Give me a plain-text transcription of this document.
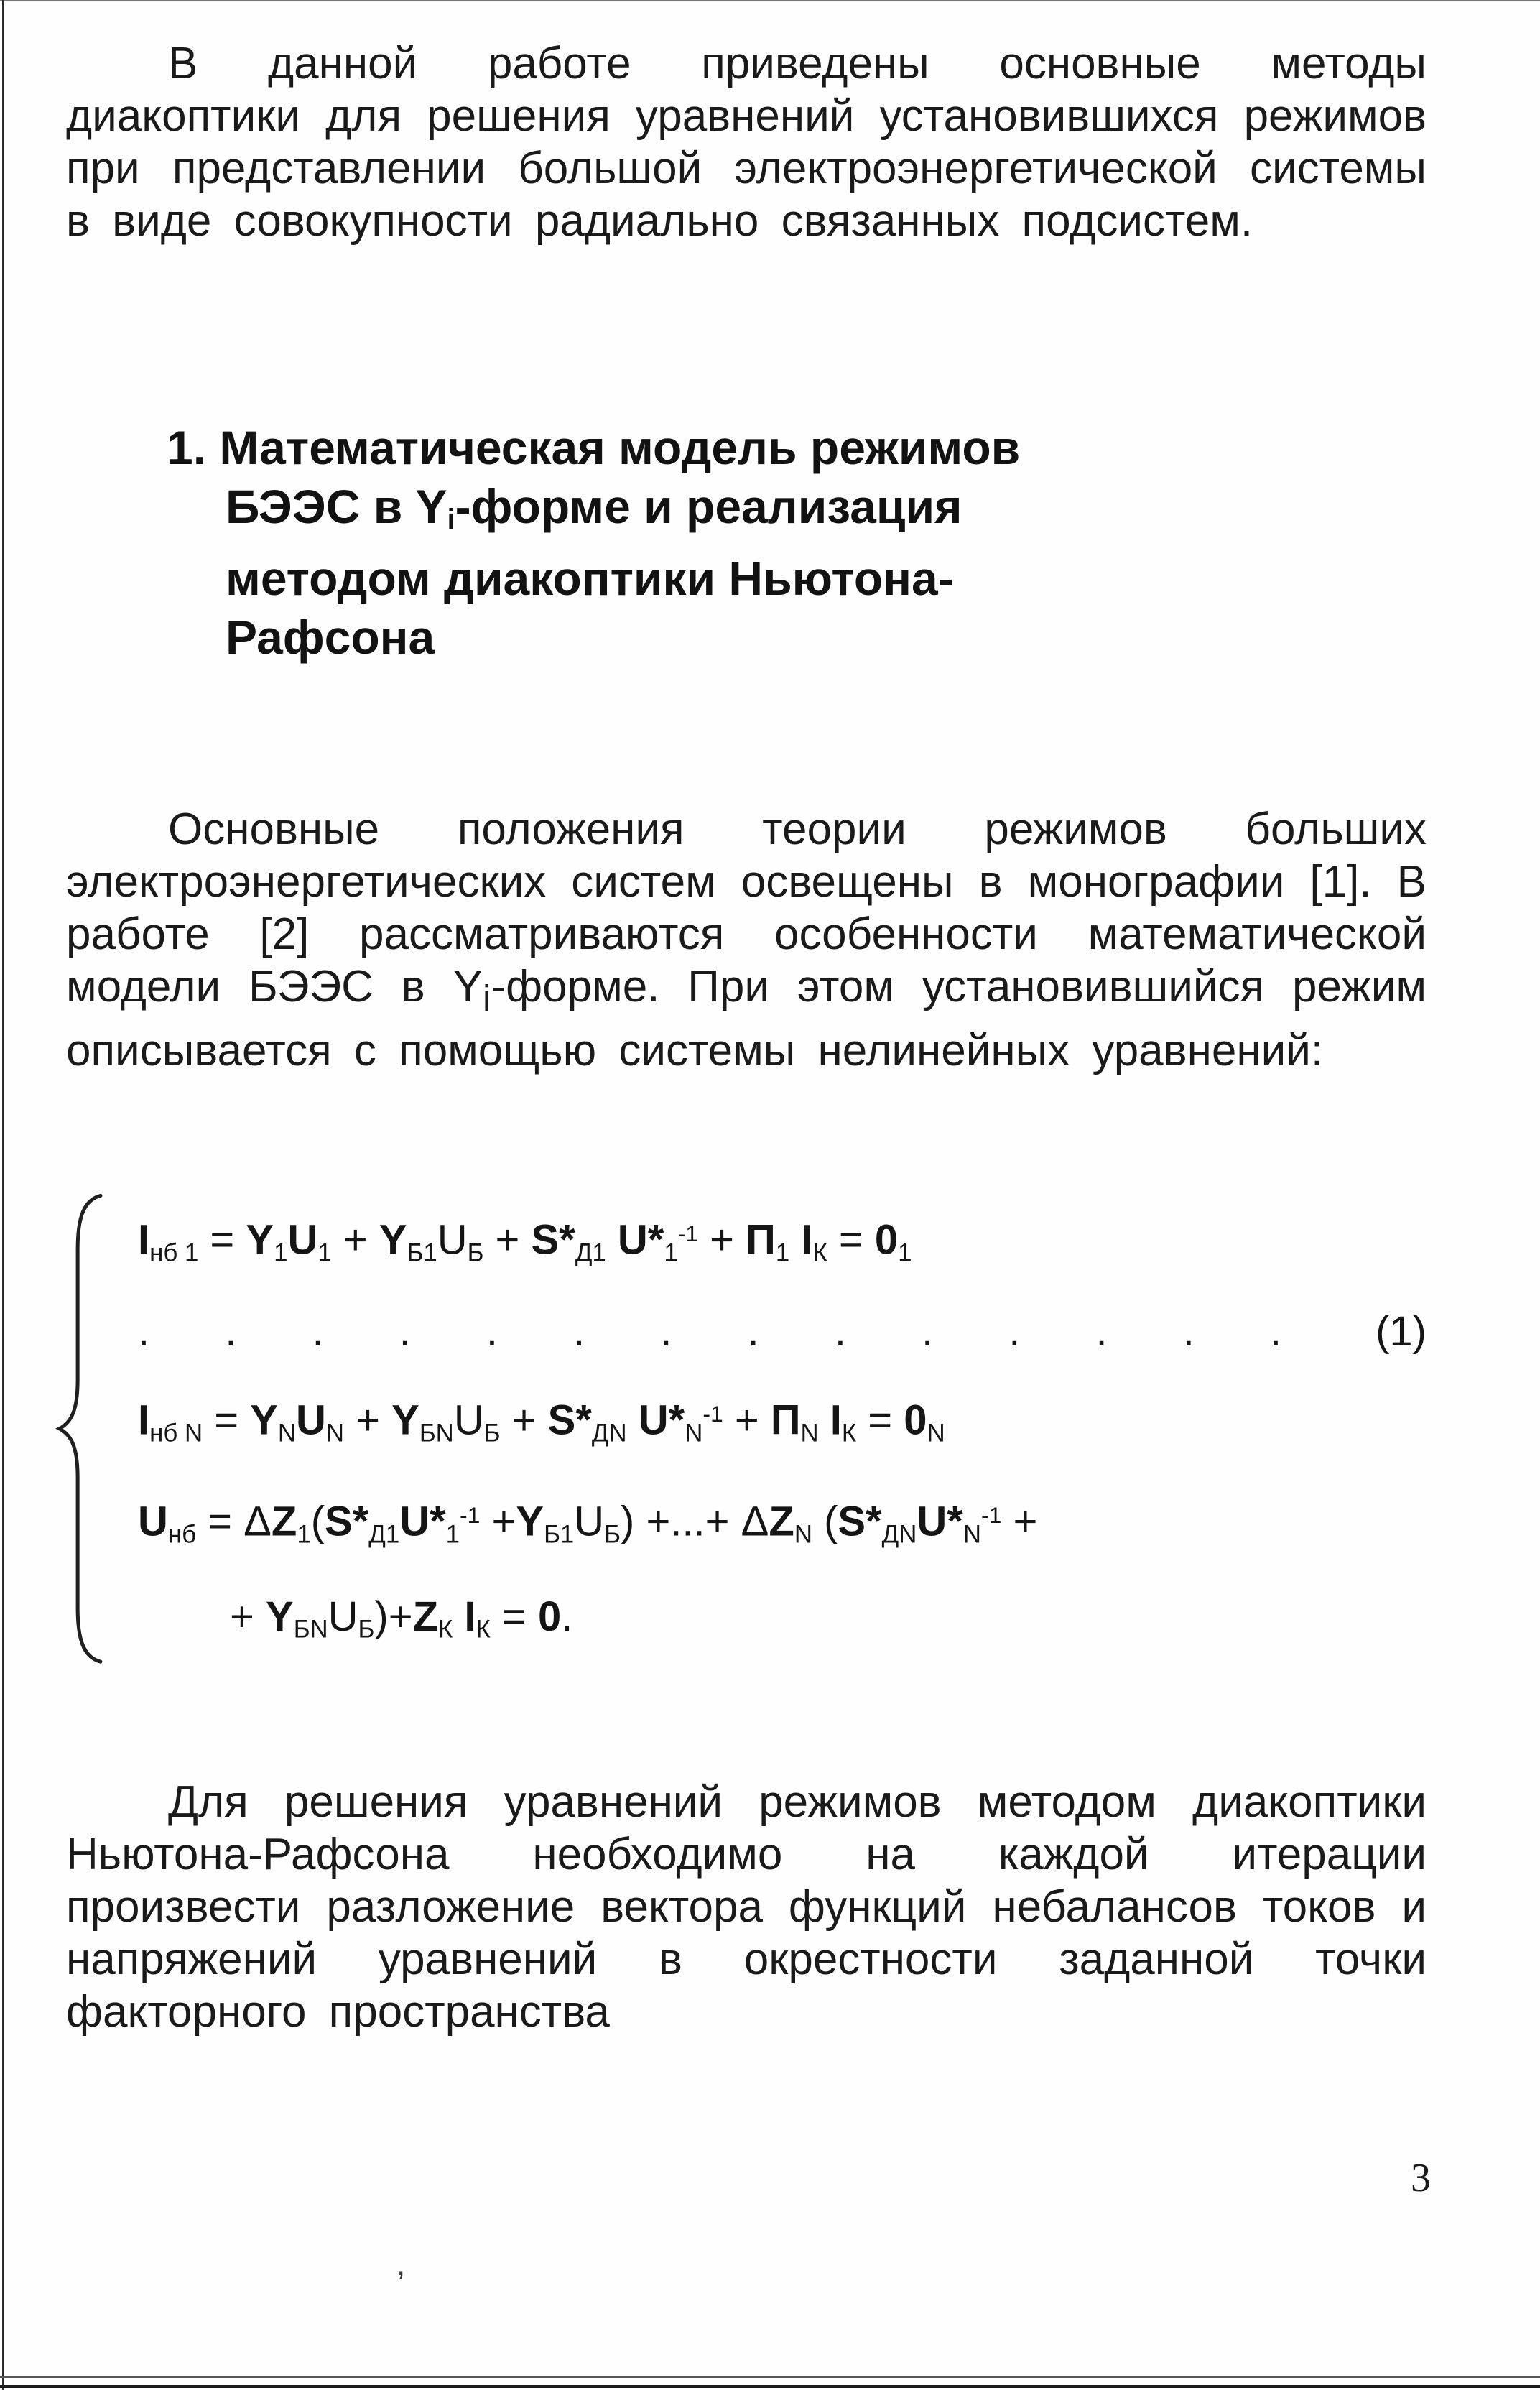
В данной работе приведены основные методы диакоптики для решения уравнений установившихся режимов при представлении большой электроэнергетической системы в виде совокупности радиально связанных подсистем.

1. Математическая модель режимов БЭЭС в $Y_i$-форме и реализация методом диакоптики Ньютона-Рафсона

Основные положения теории режимов больших электроэнергетических систем освещены в монографии [1]. В работе [2] рассматриваются особенности математической модели БЭЭС в $Y_i$-форме. При этом установившийся режим описывается с помощью системы нелинейных уравнений:

$I_{нб 1} = Y_1U_1 + Y_{Б1}U_Б + S*_{Д1}$ $U*_1^{-1} + П_1$ $I_К = 0_1$
. . . . . . . . . . . . . . (1)
$I_{нб N} = Y_NU_N + Y_{БN}U_Б + S*_{ДN}$ $U*_N^{-1} + П_N$ $I_К = 0_N$
$U_{нб} = \Delta Z_1(S*_{Д1}U*_1^{-1} +Y_{Б1}U_Б)$ +...+ $\Delta Z_N$ ($S*_{ДN}U*_N^{-1}$ +
+ $Y_{БN}U_Б)+Z_К$ $I_К = 0$.

Для решения уравнений режимов методом диакоптики Ньютона-Рафсона необходимо на каждой итерации произвести разложение вектора функций небалансов токов и напряжений уравнений в окрестности заданной точки факторного пространства

,
3
